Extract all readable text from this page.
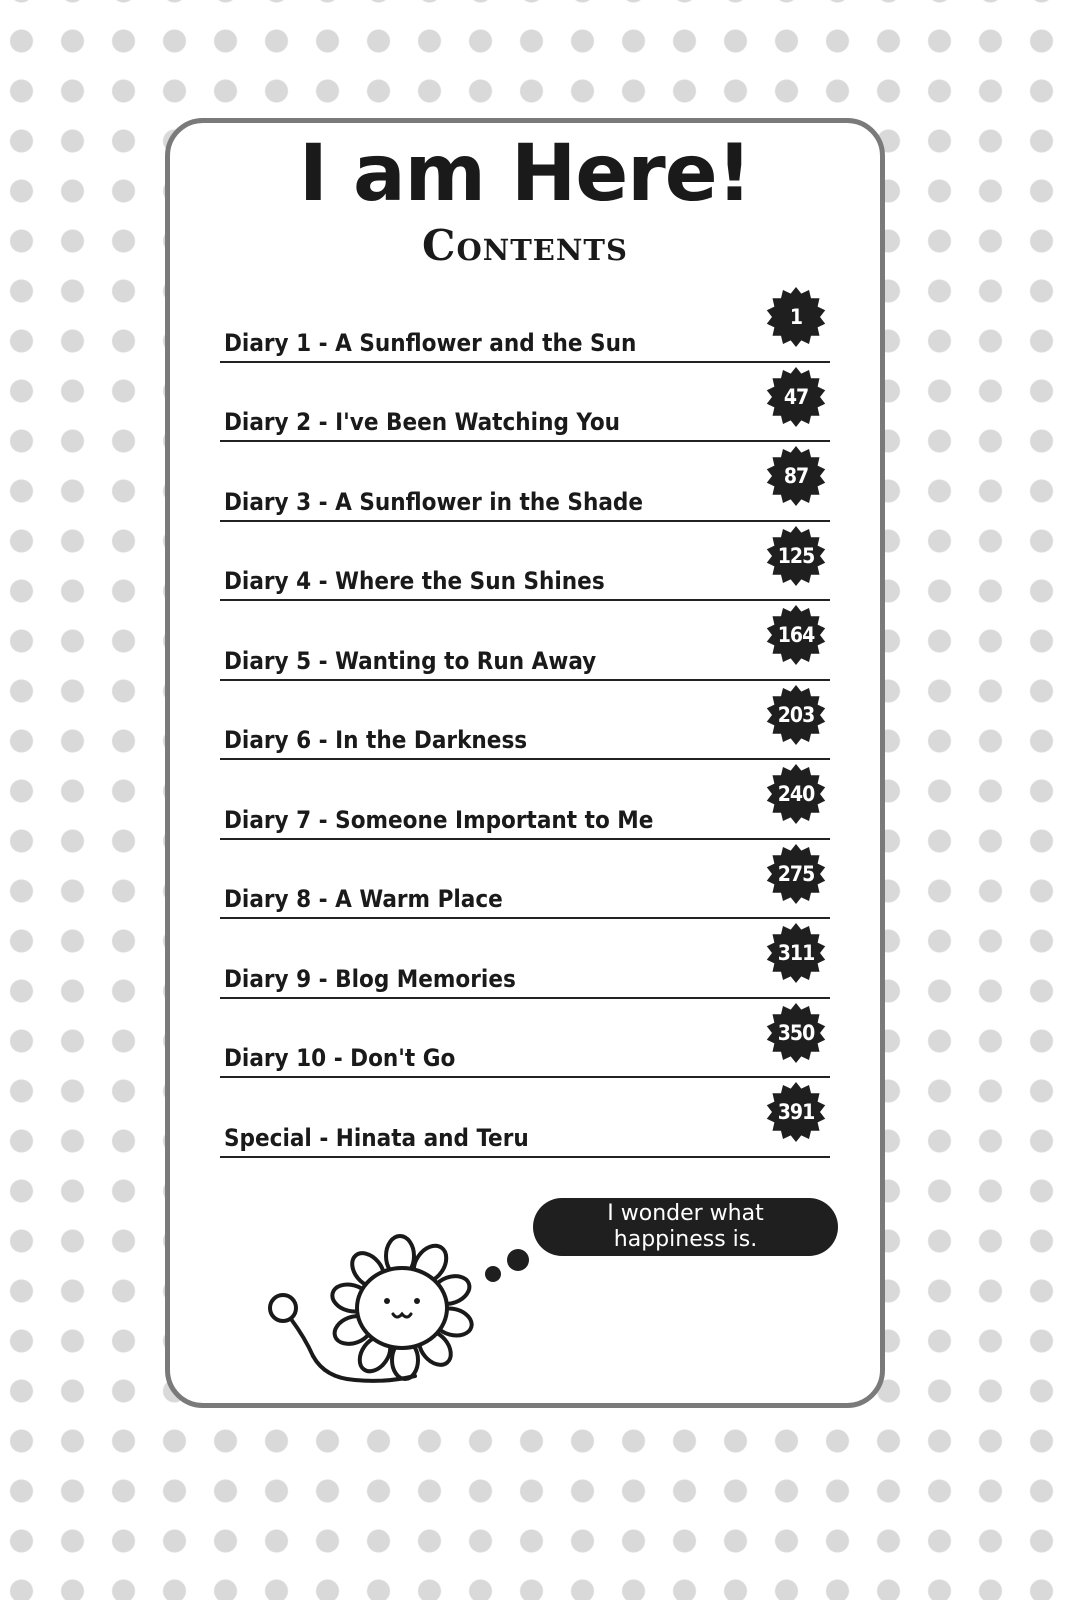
I am Here!
Contents
Diary 1 - A Sunflower and the Sun
1
Diary 2 - I've Been Watching You
47
Diary 3 - A Sunflower in the Shade
87
Diary 4 - Where the Sun Shines
125
Diary 5 - Wanting to Run Away
164
Diary 6 - In the Darkness
203
Diary 7 - Someone Important to Me
240
Diary 8 - A Warm Place
275
Diary 9 - Blog Memories
311
Diary 10 - Don't Go
350
Special - Hinata and Teru
391
I wonder what
happiness is.
